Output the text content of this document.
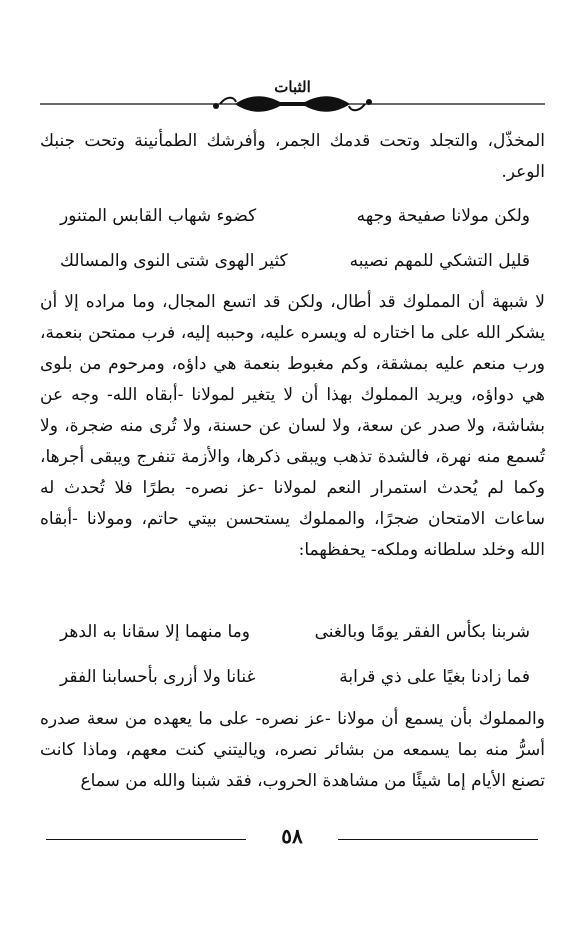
الثبات

المخذّل، والتجلد وتحت قدمك الجمر، وأفرشك الطمأنينة وتحت جنبك الوعر.

ولكن مولانا صفيحة وجهه
كضوء شهاب القابس المتنور
قليل التشكي للمهم نصيبه
كثير الهوى شتى النوى والمسالك

لا شبهة أن المملوك قد أطال، ولكن قد اتسع المجال، وما مراده إلا أن يشكر الله على ما اختاره له ويسره عليه، وحببه إليه، فرب ممتحن بنعمة، ورب منعم عليه بمشقة، وكم مغبوط بنعمة هي داؤه، ومرحوم من بلوى هي دواؤه، ويريد المملوك بهذا أن لا يتغير لمولانا -أبقاه الله- وجه عن بشاشة، ولا صدر عن سعة، ولا لسان عن حسنة، ولا تُرى منه ضجرة، ولا تُسمع منه نهرة، فالشدة تذهب ويبقى ذكرها، والأزمة تنفرج ويبقى أجرها، وكما لم يُحدث استمرار النعم لمولانا -عز نصره- بطرًا فلا تُحدث له ساعات الامتحان ضجرًا، والمملوك يستحسن بيتي حاتم، ومولانا -أبقاه الله وخلد سلطانه وملكه- يحفظهما:

شربنا بكأس الفقر يومًا وبالغنى
وما منهما إلا سقانا به الدهر
فما زادنا بغيًا على ذي قرابة
غنانا ولا أزرى بأحسابنا الفقر

والمملوك بأن يسمع أن مولانا -عز نصره- على ما يعهده من سعة صدره أسرُّ منه بما يسمعه من بشائر نصره، وياليتني كنت معهم، وماذا كانت تصنع الأيام إما شيئًا من مشاهدة الحروب، فقد شبنا والله من سماع

٥٨
